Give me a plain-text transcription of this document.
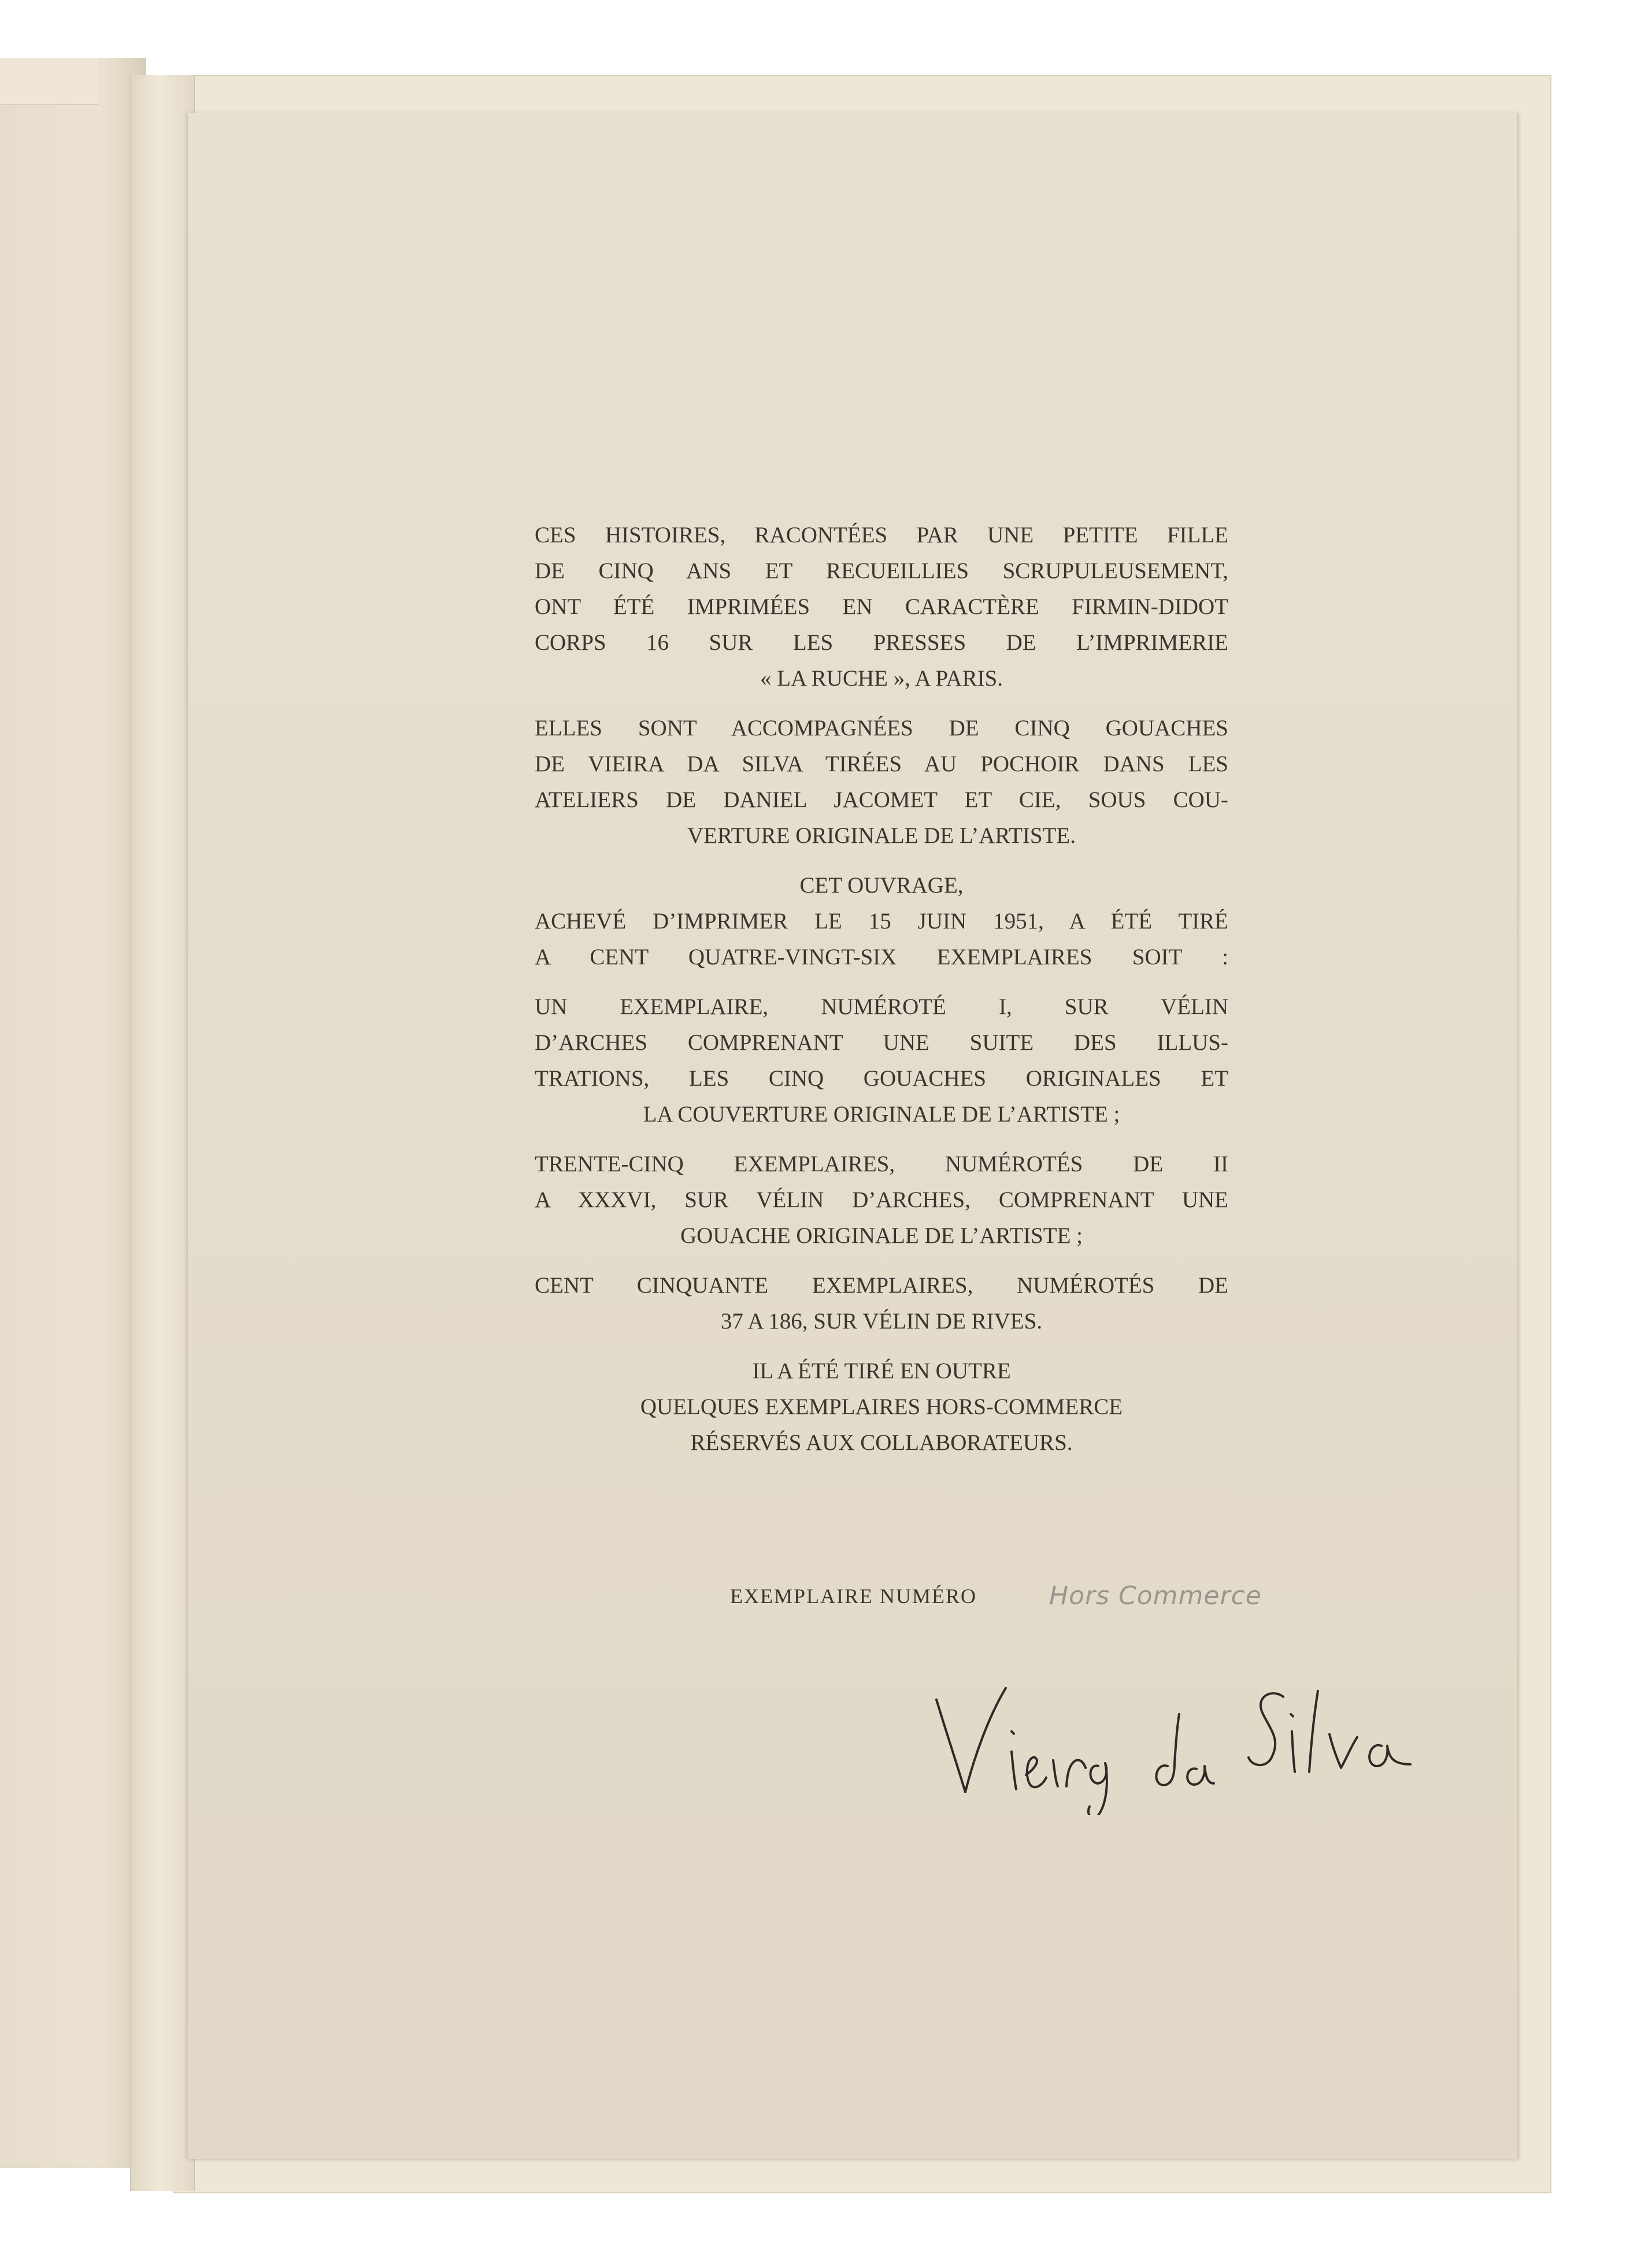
CES HISTOIRES, RACONTÉES PAR UNE PETITE FILLE
DE CINQ ANS ET RECUEILLIES SCRUPULEUSEMENT,
ONT ÉTÉ IMPRIMÉES EN CARACTÈRE FIRMIN-DIDOT
CORPS 16 SUR LES PRESSES DE L’IMPRIMERIE
« LA RUCHE », A PARIS.
ELLES SONT ACCOMPAGNÉES DE CINQ GOUACHES
DE VIEIRA DA SILVA TIRÉES AU POCHOIR DANS LES
ATELIERS DE DANIEL JACOMET ET CIE, SOUS COU-
VERTURE ORIGINALE DE L’ARTISTE.
CET OUVRAGE,
ACHEVÉ D’IMPRIMER LE 15 JUIN 1951, A ÉTÉ TIRÉ
A CENT QUATRE-VINGT-SIX EXEMPLAIRES SOIT :
UN EXEMPLAIRE, NUMÉROTÉ I, SUR VÉLIN
D’ARCHES COMPRENANT UNE SUITE DES ILLUS-
TRATIONS, LES CINQ GOUACHES ORIGINALES ET
LA COUVERTURE ORIGINALE DE L’ARTISTE ;
TRENTE-CINQ EXEMPLAIRES, NUMÉROTÉS DE II
A XXXVI, SUR VÉLIN D’ARCHES, COMPRENANT UNE
GOUACHE ORIGINALE DE L’ARTISTE ;
CENT CINQUANTE EXEMPLAIRES, NUMÉROTÉS DE
37 A 186, SUR VÉLIN DE RIVES.
IL A ÉTÉ TIRÉ EN OUTRE
QUELQUES EXEMPLAIRES HORS-COMMERCE
RÉSERVÉS AUX COLLABORATEURS.
EXEMPLAIRE NUMÉRO	Hors Commerce
